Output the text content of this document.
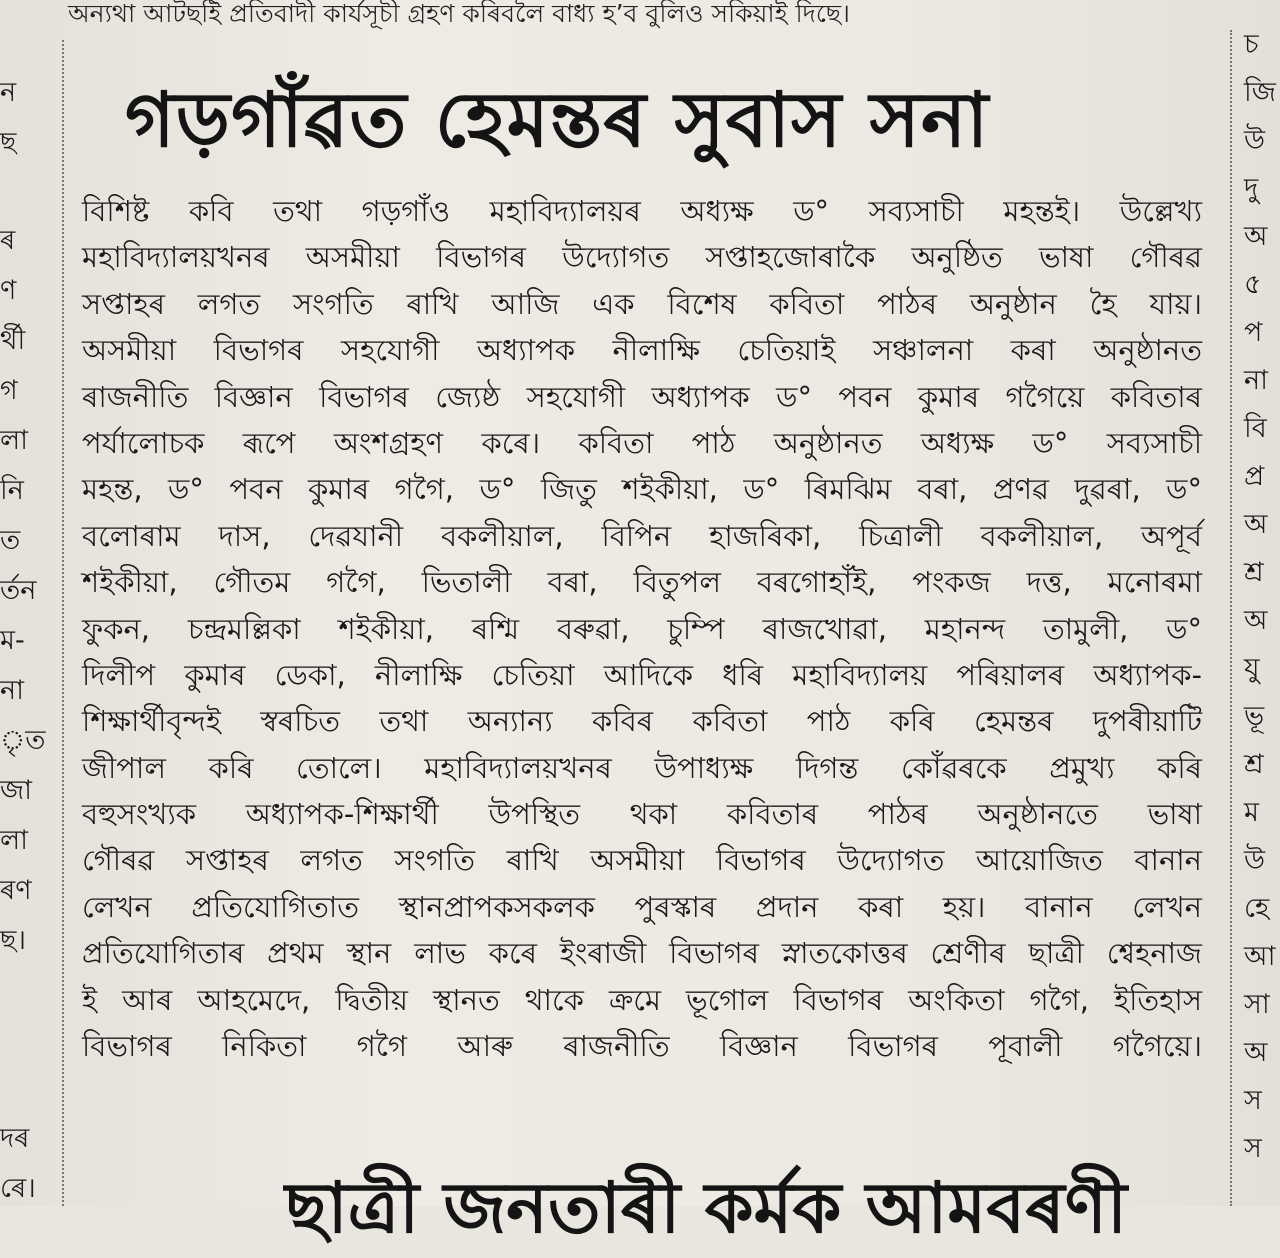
অন্যথা আটছইি প্ৰতিবাদী কাৰ্যসূচী গ্ৰহণ কৰিবলৈ বাধ্য হ’ব বুলিও সকিয়াই দিছে।
ন
ছ
ৰ
ণ
ৰ্থী
গ
লা
নি
ত
র্তন
ম-
না
ৃত
জা
লা
ৰণ
ছ।
দৰ
ৰে।
গড়গাঁৱত হেমন্তৰ সুবাস সনা
বিশিষ্ট কবি তথা গড়গাঁও মহাবিদ্যালয়ৰ অধ্যক্ষ ড° সব্যসাচী মহন্তই। উল্লেখ্য
মহাবিদ্যালয়খনৰ অসমীয়া বিভাগৰ উদ্যোগত সপ্তাহজোৰাকৈ অনুষ্ঠিত ভাষা গৌৰৱ
সপ্তাহৰ লগত সংগতি ৰাখি আজি এক বিশেষ কবিতা পাঠৰ অনুষ্ঠান হৈ যায়।
অসমীয়া বিভাগৰ সহযোগী অধ্যাপক নীলাক্ষি চেতিয়াই সঞ্চালনা কৰা অনুষ্ঠানত
ৰাজনীতি বিজ্ঞান বিভাগৰ জ্যেষ্ঠ সহযোগী অধ্যাপক ড° পবন কুমাৰ গগৈয়ে কবিতাৰ
পৰ্যালোচক ৰূপে অংশগ্ৰহণ কৰে। কবিতা পাঠ অনুষ্ঠানত অধ্যক্ষ ড° সব্যসাচী
মহন্ত, ড° পবন কুমাৰ গগৈ, ড° জিতু শইকীয়া, ড° ৰিমঝিম বৰা, প্ৰণৱ দুৱৰা, ড°
বলোৰাম দাস, দেৱযানী বকলীয়াল, বিপিন হাজৰিকা, চিত্ৰালী বকলীয়াল, অপূৰ্ব
শইকীয়া, গৌতম গগৈ, ভিতালী বৰা, বিতুপল বৰগোহাঁই, পংকজ দত্ত, মনোৰমা
ফুকন, চন্দ্ৰমল্লিকা শইকীয়া, ৰশ্মি বৰুৱা, চুম্পি ৰাজখোৱা, মহানন্দ তামুলী, ড°
দিলীপ কুমাৰ ডেকা, নীলাক্ষি চেতিয়া আদিকে ধৰি মহাবিদ্যালয় পৰিয়ালৰ অধ্যাপক-
শিক্ষাৰ্থীবৃন্দই স্বৰচিত তথা অন্যান্য কবিৰ কবিতা পাঠ কৰি হেমন্তৰ দুপৰীয়াটি
জীপাল কৰি তোলে। মহাবিদ্যালয়খনৰ উপাধ্যক্ষ দিগন্ত কোঁৱৰকে প্ৰমুখ্য কৰি
বহুসংখ্যক অধ্যাপক-শিক্ষাৰ্থী উপস্থিত থকা কবিতাৰ পাঠৰ অনুষ্ঠানতে ভাষা
গৌৰৱ সপ্তাহৰ লগত সংগতি ৰাখি অসমীয়া বিভাগৰ উদ্যোগত আয়োজিত বানান
লেখন প্ৰতিযোগিতাত স্থানপ্ৰাপকসকলক পুৰস্কাৰ প্ৰদান কৰা হয়। বানান লেখন
প্ৰতিযোগিতাৰ প্ৰথম স্থান লাভ কৰে ইংৰাজী বিভাগৰ স্নাতকোত্তৰ শ্ৰেণীৰ ছাত্ৰী শ্বেহনাজ
ই আৰ আহমেদে, দ্বিতীয় স্থানত থাকে ক্ৰমে ভূগোল বিভাগৰ অংকিতা গগৈ, ইতিহাস
বিভাগৰ নিকিতা গগৈ আৰু ৰাজনীতি বিজ্ঞান বিভাগৰ পূবালী গগৈয়ে।
চ
জি
উ
দু
অ
৫
প
না
বি
প্ৰ
অ
শ্ৰ
অ
যু
ভূ
শ্ৰ
ম
উ
হে
আ
সা
অ
স
স
ছাত্ৰী জনতাৰী কৰ্মক আমবৰণী
